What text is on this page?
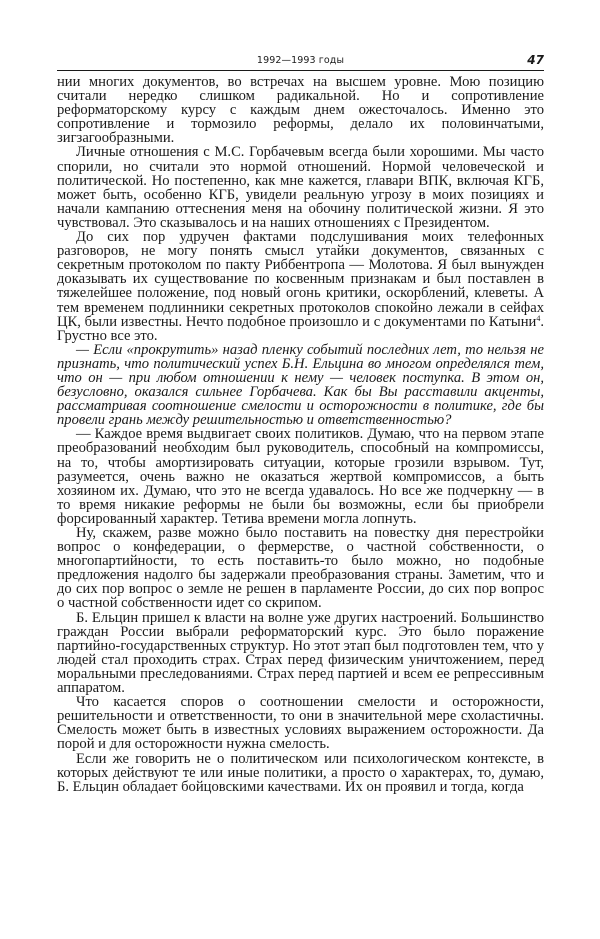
1992—1993 годы	47

нии многих документов, во встречах на высшем уровне. Мою позицию считали нередко слишком радикальной. Но и сопротивление реформаторскому курсу с каждым днем ожесточалось. Именно это сопротивление и тормозило реформы, делало их половинчатыми, зигзагообразными.

Личные отношения с М.С. Горбачевым всегда были хорошими. Мы часто спорили, но считали это нормой отношений. Нормой человеческой и политической. Но постепенно, как мне кажется, главари ВПК, включая КГБ, может быть, особенно КГБ, увидели реальную угрозу в моих позициях и начали кампанию оттеснения меня на обочину политической жизни. Я это чувствовал. Это сказывалось и на наших отношениях с Президентом.

До сих пор удручен фактами подслушивания моих телефонных разговоров, не могу понять смысл утайки документов, связанных с секретным протоколом по пакту Риббентропа — Молотова. Я был вынужден доказывать их существование по косвенным признакам и был поставлен в тяжелейшее положение, под новый огонь критики, оскорблений, клеветы. А тем временем подлинники секретных протоколов спокойно лежали в сейфах ЦК, были известны. Нечто подобное произошло и с документами по Катыни$^4$. Грустно все это.

— Если «прокрутить» назад пленку событий последних лет, то нельзя не признать, что политический успех Б.Н. Ельцина во многом определялся тем, что он — при любом отношении к нему — человек поступка. В этом он, безусловно, оказался сильнее Горбачева. Как бы Вы расставили акценты, рассматривая соотношение смелости и осторожности в политике, где бы провели грань между решительностью и ответственностью?

— Каждое время выдвигает своих политиков. Думаю, что на первом этапе преобразований необходим был руководитель, способный на компромиссы, на то, чтобы амортизировать ситуации, которые грозили взрывом. Тут, разумеется, очень важно не оказаться жертвой компромиссов, а быть хозяином их. Думаю, что это не всегда удавалось. Но все же подчеркну — в то время никакие реформы не были бы возможны, если бы приобрели форсированный характер. Тетива времени могла лопнуть.

Ну, скажем, разве можно было поставить на повестку дня перестройки вопрос о конфедерации, о фермерстве, о частной собственности, о многопартийности, то есть поставить-то было можно, но подобные предложения надолго бы задержали преобразования страны. Заметим, что и до сих пор вопрос о земле не решен в парламенте России, до сих пор вопрос о частной собственности идет со скрипом.

Б. Ельцин пришел к власти на волне уже других настроений. Большинство граждан России выбрали реформаторский курс. Это было поражение партийно-государственных структур. Но этот этап был подготовлен тем, что у людей стал проходить страх. Страх перед физическим уничтожением, перед моральными преследованиями. Страх перед партией и всем ее репрессивным аппаратом.

Что касается споров о соотношении смелости и осторожности, решительности и ответственности, то они в значительной мере схоластичны. Смелость может быть в известных условиях выражением осторожности. Да порой и для осторожности нужна смелость.

Если же говорить не о политическом или психологическом контексте, в которых действуют те или иные политики, а просто о характерах, то, думаю, Б. Ельцин обладает бойцовскими качествами. Их он проявил и тогда, когда
